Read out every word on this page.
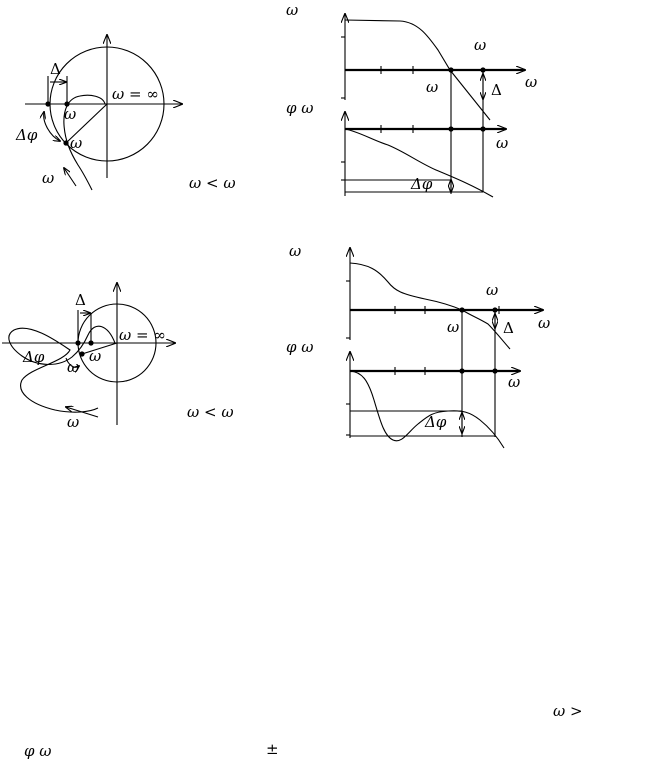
Δ
ω
ω = ∞
Δφ ω
ω	ω < ω
ω
ω
ω	ω
Δ
φ ω
ω
Δφ
Δ
ω = ∞
Δφ
ω
ω
ω
ω < ω
ω
ω
ω	Δ ω
φ ω
ω
Δφ
ω >
φ ω	±
